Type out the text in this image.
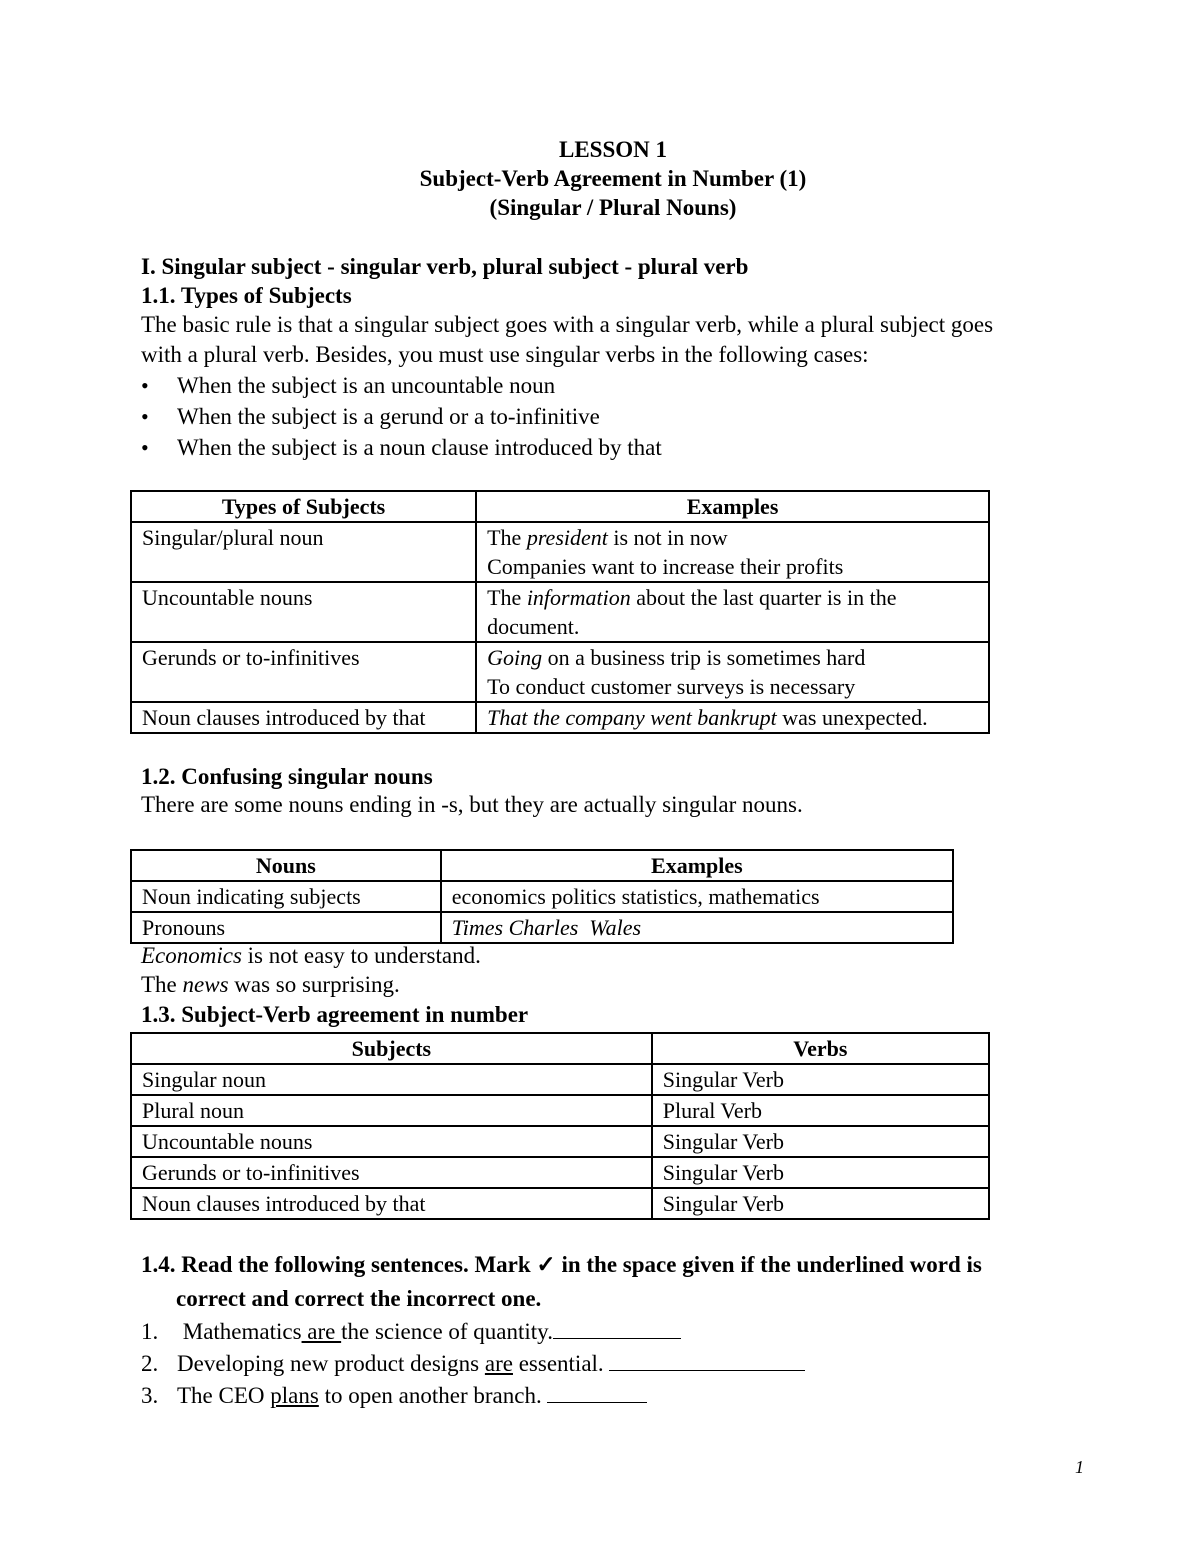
LESSON 1
Subject-Verb Agreement in Number (1)
(Singular / Plural Nouns)
I. Singular subject - singular verb, plural subject - plural verb
1.1. Types of Subjects
The basic rule is that a singular subject goes with a singular verb, while a plural subject goes
with a plural verb. Besides, you must use singular verbs in the following cases:
• When the subject is an uncountable noun
• When the subject is a gerund or a to-infinitive
• When the subject is a noun clause introduced by that
Types of Subjects	Examples
Singular/plural noun	The president is not in now
Companies want to increase their profits

Uncountable nouns	The information about the last quarter is in the
document.

Gerunds or to-infinitives	Going on a business trip is sometimes hard
To conduct customer surveys is necessary

Noun clauses introduced by that	That the company went bankrupt was unexpected.
1.2. Confusing singular nouns
There are some nouns ending in -s, but they are actually singular nouns.
Nouns	Examples
Noun indicating subjects	economics politics statistics, mathematics
Pronouns	Times Charles  Wales
Economics is not easy to understand.
The news was so surprising.
1.3. Subject-Verb agreement in number
Subjects	Verbs
Singular noun	Singular Verb
Plural noun	Plural Verb
Uncountable nouns	Singular Verb
Gerunds or to-infinitives	Singular Verb
Noun clauses introduced by that	Singular Verb
1.4. Read the following sentences. Mark ✓ in the space given if the underlined word is
correct and correct the incorrect one.
1. Mathematics are the science of quantity.
2. Developing new product designs are essential.
3. The CEO plans to open another branch.
1
